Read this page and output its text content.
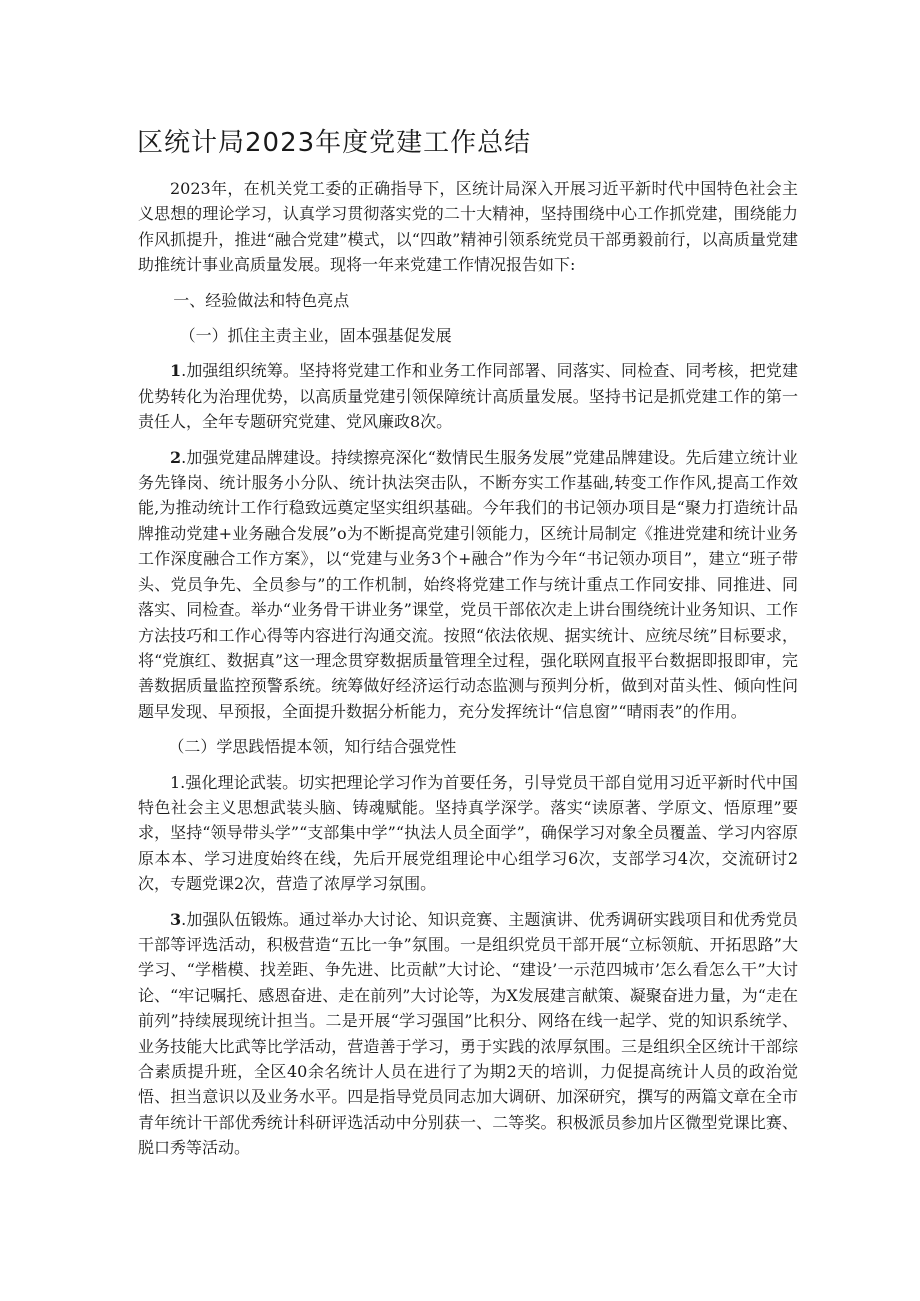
区统计局2023年度党建工作总结

2023年，在机关党工委的正确指导下，区统计局深入开展习近平新时代中国特色社会主义思想的理论学习，认真学习贯彻落实党的二十大精神，坚持围绕中心工作抓党建，围绕能力作风抓提升，推进“融合党建”模式，以“四敢”精神引领系统党员干部勇毅前行，以高质量党建助推统计事业高质量发展。现将一年来党建工作情况报告如下:

一、经验做法和特色亮点

（一）抓住主责主业，固本强基促发展

1.加强组织统筹。坚持将党建工作和业务工作同部署、同落实、同检查、同考核，把党建优势转化为治理优势，以高质量党建引领保障统计高质量发展。坚持书记是抓党建工作的第一责任人，全年专题研究党建、党风廉政8次。

2.加强党建品牌建设。持续擦亮深化“数情民生服务发展”党建品牌建设。先后建立统计业务先锋岗、统计服务小分队、统计执法突击队，不断夯实工作基础,转变工作作风,提高工作效能,为推动统计工作行稳致远奠定坚实组织基础。今年我们的书记领办项目是“聚力打造统计品牌推动党建+业务融合发展”o为不断提高党建引领能力，区统计局制定《推进党建和统计业务工作深度融合工作方案》，以“党建与业务3个+融合”作为今年“书记领办项目”，建立“班子带头、党员争先、全员参与”的工作机制，始终将党建工作与统计重点工作同安排、同推进、同落实、同检查。举办“业务骨干讲业务”课堂，党员干部依次走上讲台围绕统计业务知识、工作方法技巧和工作心得等内容进行沟通交流。按照“依法依规、据实统计、应统尽统”目标要求，将“党旗红、数据真”这一理念贯穿数据质量管理全过程，强化联网直报平台数据即报即审，完善数据质量监控预警系统。统筹做好经济运行动态监测与预判分析，做到对苗头性、倾向性问题早发现、早预报，全面提升数据分析能力，充分发挥统计“信息窗”“晴雨表”的作用。

（二）学思践悟提本领，知行结合强党性

1.强化理论武装。切实把理论学习作为首要任务，引导党员干部自觉用习近平新时代中国特色社会主义思想武装头脑、铸魂赋能。坚持真学深学。落实“读原著、学原文、悟原理”要求，坚持“领导带头学”“支部集中学”“执法人员全面学”，确保学习对象全员覆盖、学习内容原原本本、学习进度始终在线，先后开展党组理论中心组学习6次，支部学习4次，交流研讨2次，专题党课2次，营造了浓厚学习氛围。

3.加强队伍锻炼。通过举办大讨论、知识竞赛、主题演讲、优秀调研实践项目和优秀党员干部等评选活动，积极营造“五比一争”氛围。一是组织党员干部开展“立标领航、开拓思路”大学习、“学楷模、找差距、争先进、比贡献”大讨论、“建设’一示范四城市’怎么看怎么干”大讨论、“牢记嘱托、感恩奋进、走在前列”大讨论等，为X发展建言献策、凝聚奋进力量，为“走在前列”持续展现统计担当。二是开展“学习强国”比积分、网络在线一起学、党的知识系统学、业务技能大比武等比学活动，营造善于学习，勇于实践的浓厚氛围。三是组织全区统计干部综合素质提升班，全区40余名统计人员在进行了为期2天的培训，力促提高统计人员的政治觉悟、担当意识以及业务水平。四是指导党员同志加大调研、加深研究，撰写的两篇文章在全市青年统计干部优秀统计科研评选活动中分别获一、二等奖。积极派员参加片区微型党课比赛、脱口秀等活动。
